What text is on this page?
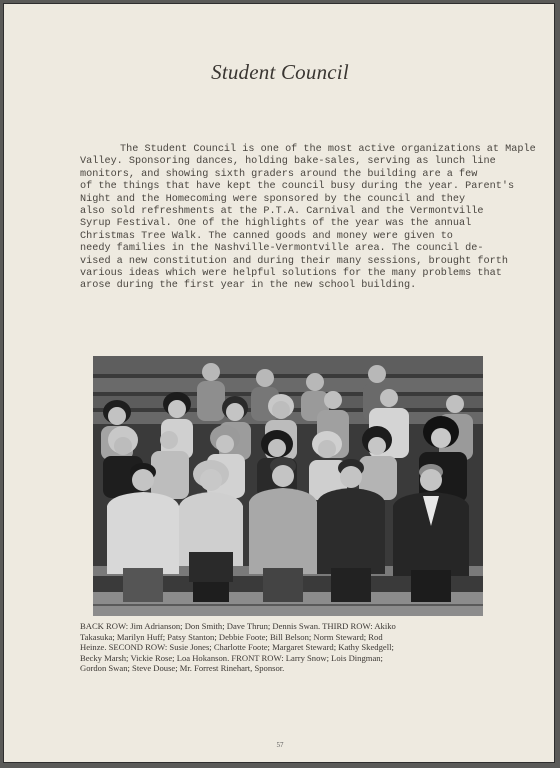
Student Council
The Student Council is one of the most active organizations at Maple
Valley. Sponsoring dances, holding bake-sales, serving as lunch line
monitors, and showing sixth graders around the building are a few
of the things that have kept the council busy during the year. Parent's
Night and the Homecoming were sponsored by the council and they
also sold refreshments at the P.T.A. Carnival and the Vermontville
Syrup Festival. One of the highlights of the year was the annual
Christmas Tree Walk. The canned goods and money were given to
needy families in the Nashville-Vermontville area. The council de-
vised a new constitution and during their many sessions, brought forth
various ideas which were helpful solutions for the many problems that
arose during the first year in the new school building.
BACK ROW: Jim Adrianson; Don Smith; Dave Thrun; Dennis Swan. THIRD ROW: Akiko
Takasuka; Marilyn Huff; Patsy Stanton; Debbie Foote; Bill Belson; Norm Steward; Rod
Heinze. SECOND ROW: Susie Jones; Charlotte Foote; Margaret Steward; Kathy Skedgell;
Becky Marsh; Vickie Rose; Loa Hokanson. FRONT ROW: Larry Snow; Lois Dingman;
Gordon Swan; Steve Douse; Mr. Forrest Rinehart, Sponsor.
57
